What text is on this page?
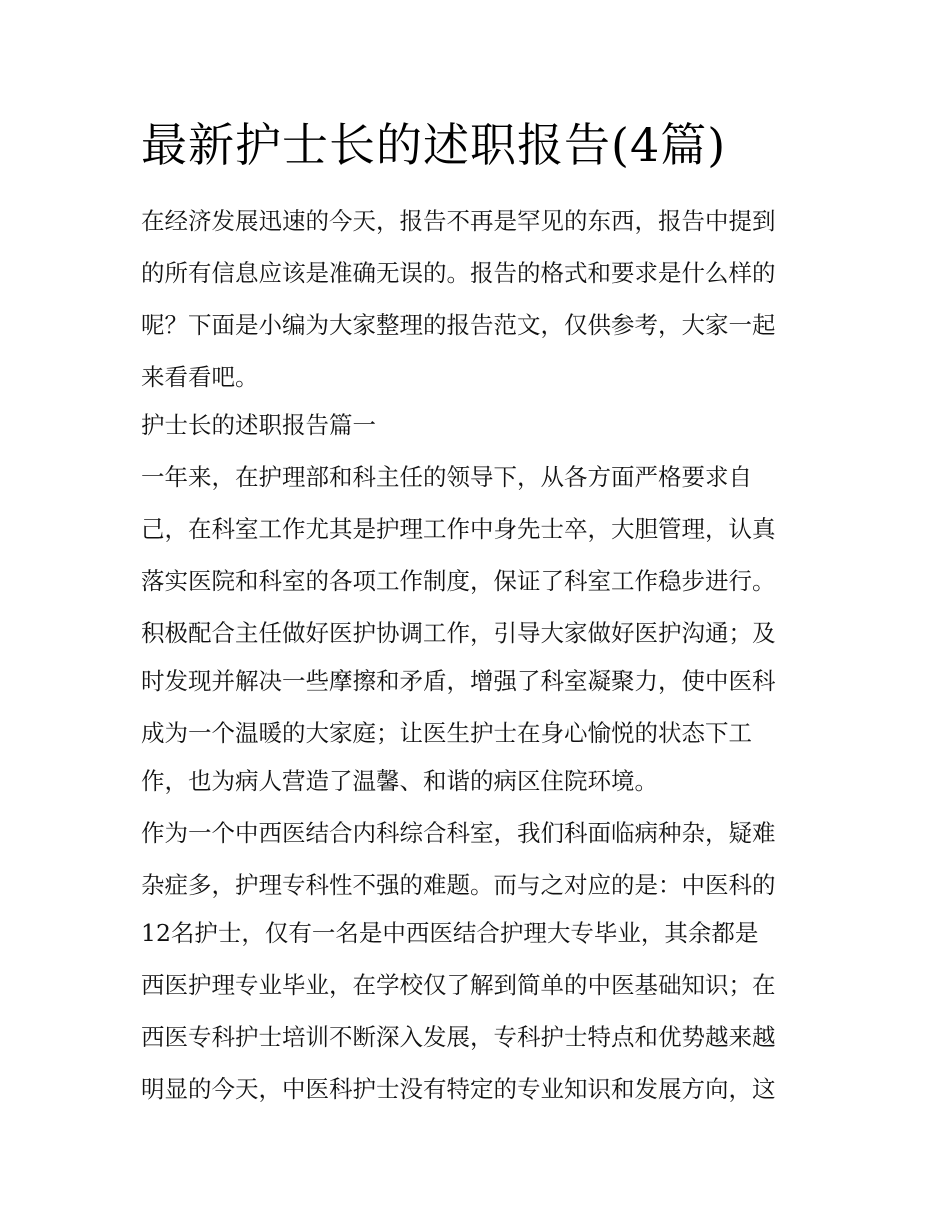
最新护士长的述职报告(4篇)
在经济发展迅速的今天，报告不再是罕见的东西，报告中提到
的所有信息应该是准确无误的。报告的格式和要求是什么样的
呢？下面是小编为大家整理的报告范文，仅供参考，大家一起
来看看吧。
护士长的述职报告篇一
一年来，在护理部和科主任的领导下，从各方面严格要求自
己，在科室工作尤其是护理工作中身先士卒，大胆管理，认真
落实医院和科室的各项工作制度，保证了科室工作稳步进行。
积极配合主任做好医护协调工作，引导大家做好医护沟通；及
时发现并解决一些摩擦和矛盾，增强了科室凝聚力，使中医科
成为一个温暖的大家庭；让医生护士在身心愉悦的状态下工
作，也为病人营造了温馨、和谐的病区住院环境。
作为一个中西医结合内科综合科室，我们科面临病种杂，疑难
杂症多，护理专科性不强的难题。而与之对应的是：中医科的
12名护士，仅有一名是中西医结合护理大专毕业，其余都是
西医护理专业毕业，在学校仅了解到简单的中医基础知识；在
西医专科护士培训不断深入发展，专科护士特点和优势越来越
明显的今天，中医科护士没有特定的专业知识和发展方向，这
